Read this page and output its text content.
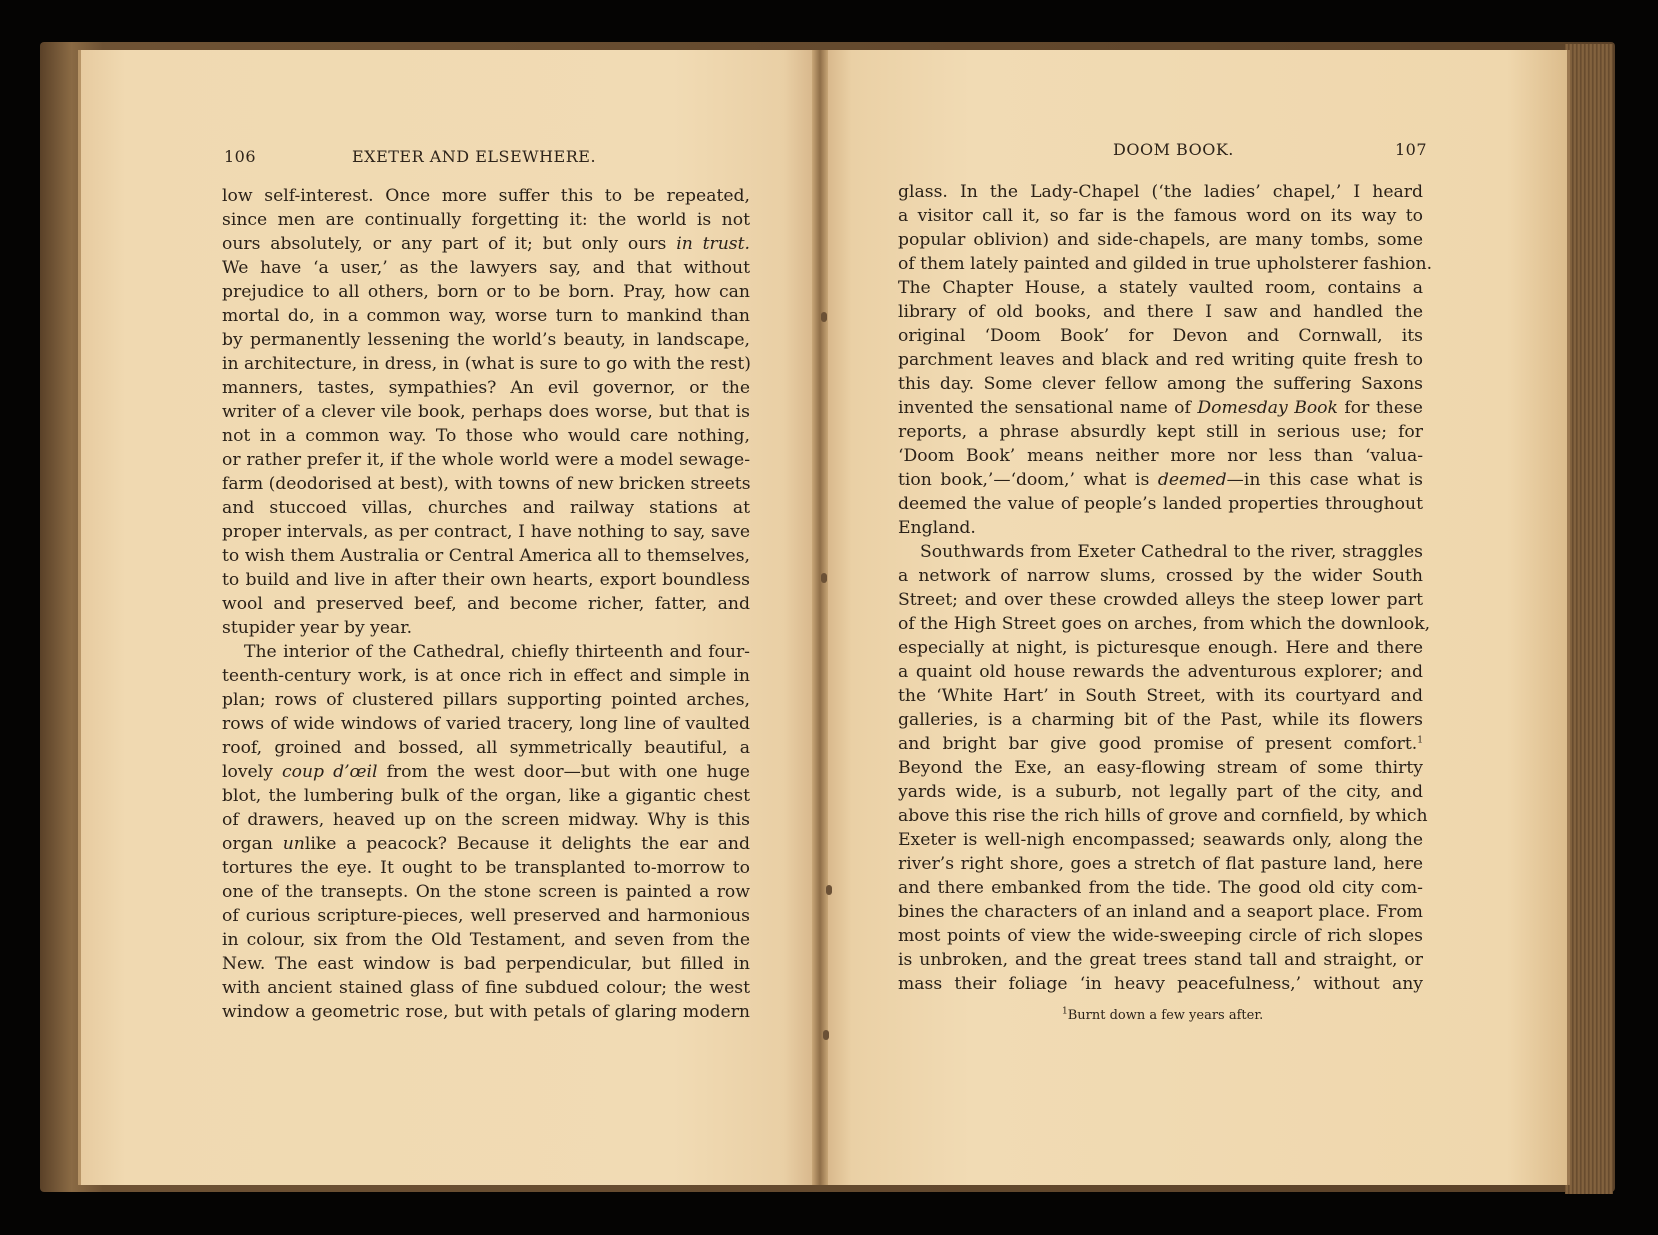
106	EXETER AND ELSEWHERE.
low self-interest. Once more suffer this to be repeated,
since men are continually forgetting it: the world is not
ours absolutely, or any part of it; but only ours in trust.
We have ‘a user,’ as the lawyers say, and that without
prejudice to all others, born or to be born. Pray, how can
mortal do, in a common way, worse turn to mankind than
by permanently lessening the world’s beauty, in landscape,
in architecture, in dress, in (what is sure to go with the rest)
manners, tastes, sympathies? An evil governor, or the
writer of a clever vile book, perhaps does worse, but that is
not in a common way. To those who would care nothing,
or rather prefer it, if the whole world were a model sewage-
farm (deodorised at best), with towns of new bricken streets
and stuccoed villas, churches and railway stations at
proper intervals, as per contract, I have nothing to say, save
to wish them Australia or Central America all to themselves,
to build and live in after their own hearts, export boundless
wool and preserved beef, and become richer, fatter, and
stupider year by year.
The interior of the Cathedral, chiefly thirteenth and four-
teenth-century work, is at once rich in effect and simple in
plan; rows of clustered pillars supporting pointed arches,
rows of wide windows of varied tracery, long line of vaulted
roof, groined and bossed, all symmetrically beautiful, a
lovely coup d’œil from the west door—but with one huge
blot, the lumbering bulk of the organ, like a gigantic chest
of drawers, heaved up on the screen midway. Why is this
organ unlike a peacock? Because it delights the ear and
tortures the eye. It ought to be transplanted to-morrow to
one of the transepts. On the stone screen is painted a row
of curious scripture-pieces, well preserved and harmonious
in colour, six from the Old Testament, and seven from the
New. The east window is bad perpendicular, but filled in
with ancient stained glass of fine subdued colour; the west
window a geometric rose, but with petals of glaring modern
DOOM BOOK.	107
glass. In the Lady-Chapel (‘the ladies’ chapel,’ I heard
a visitor call it, so far is the famous word on its way to
popular oblivion) and side-chapels, are many tombs, some
of them lately painted and gilded in true upholsterer fashion.
The Chapter House, a stately vaulted room, contains a
library of old books, and there I saw and handled the
original ‘Doom Book’ for Devon and Cornwall, its
parchment leaves and black and red writing quite fresh to
this day. Some clever fellow among the suffering Saxons
invented the sensational name of Domesday Book for these
reports, a phrase absurdly kept still in serious use; for
‘Doom Book’ means neither more nor less than ‘valua-
tion book,’—‘doom,’ what is deemed—in this case what is
deemed the value of people’s landed properties throughout
England.
Southwards from Exeter Cathedral to the river, straggles
a network of narrow slums, crossed by the wider South
Street; and over these crowded alleys the steep lower part
of the High Street goes on arches, from which the downlook,
especially at night, is picturesque enough. Here and there
a quaint old house rewards the adventurous explorer; and
the ‘White Hart’ in South Street, with its courtyard and
galleries, is a charming bit of the Past, while its flowers
and bright bar give good promise of present comfort.$^1$
Beyond the Exe, an easy-flowing stream of some thirty
yards wide, is a suburb, not legally part of the city, and
above this rise the rich hills of grove and cornfield, by which
Exeter is well-nigh encompassed; seawards only, along the
river’s right shore, goes a stretch of flat pasture land, here
and there embanked from the tide. The good old city com-
bines the characters of an inland and a seaport place. From
most points of view the wide-sweeping circle of rich slopes
is unbroken, and the great trees stand tall and straight, or
mass their foliage ‘in heavy peacefulness,’ without any
$^1$Burnt down a few years after.
